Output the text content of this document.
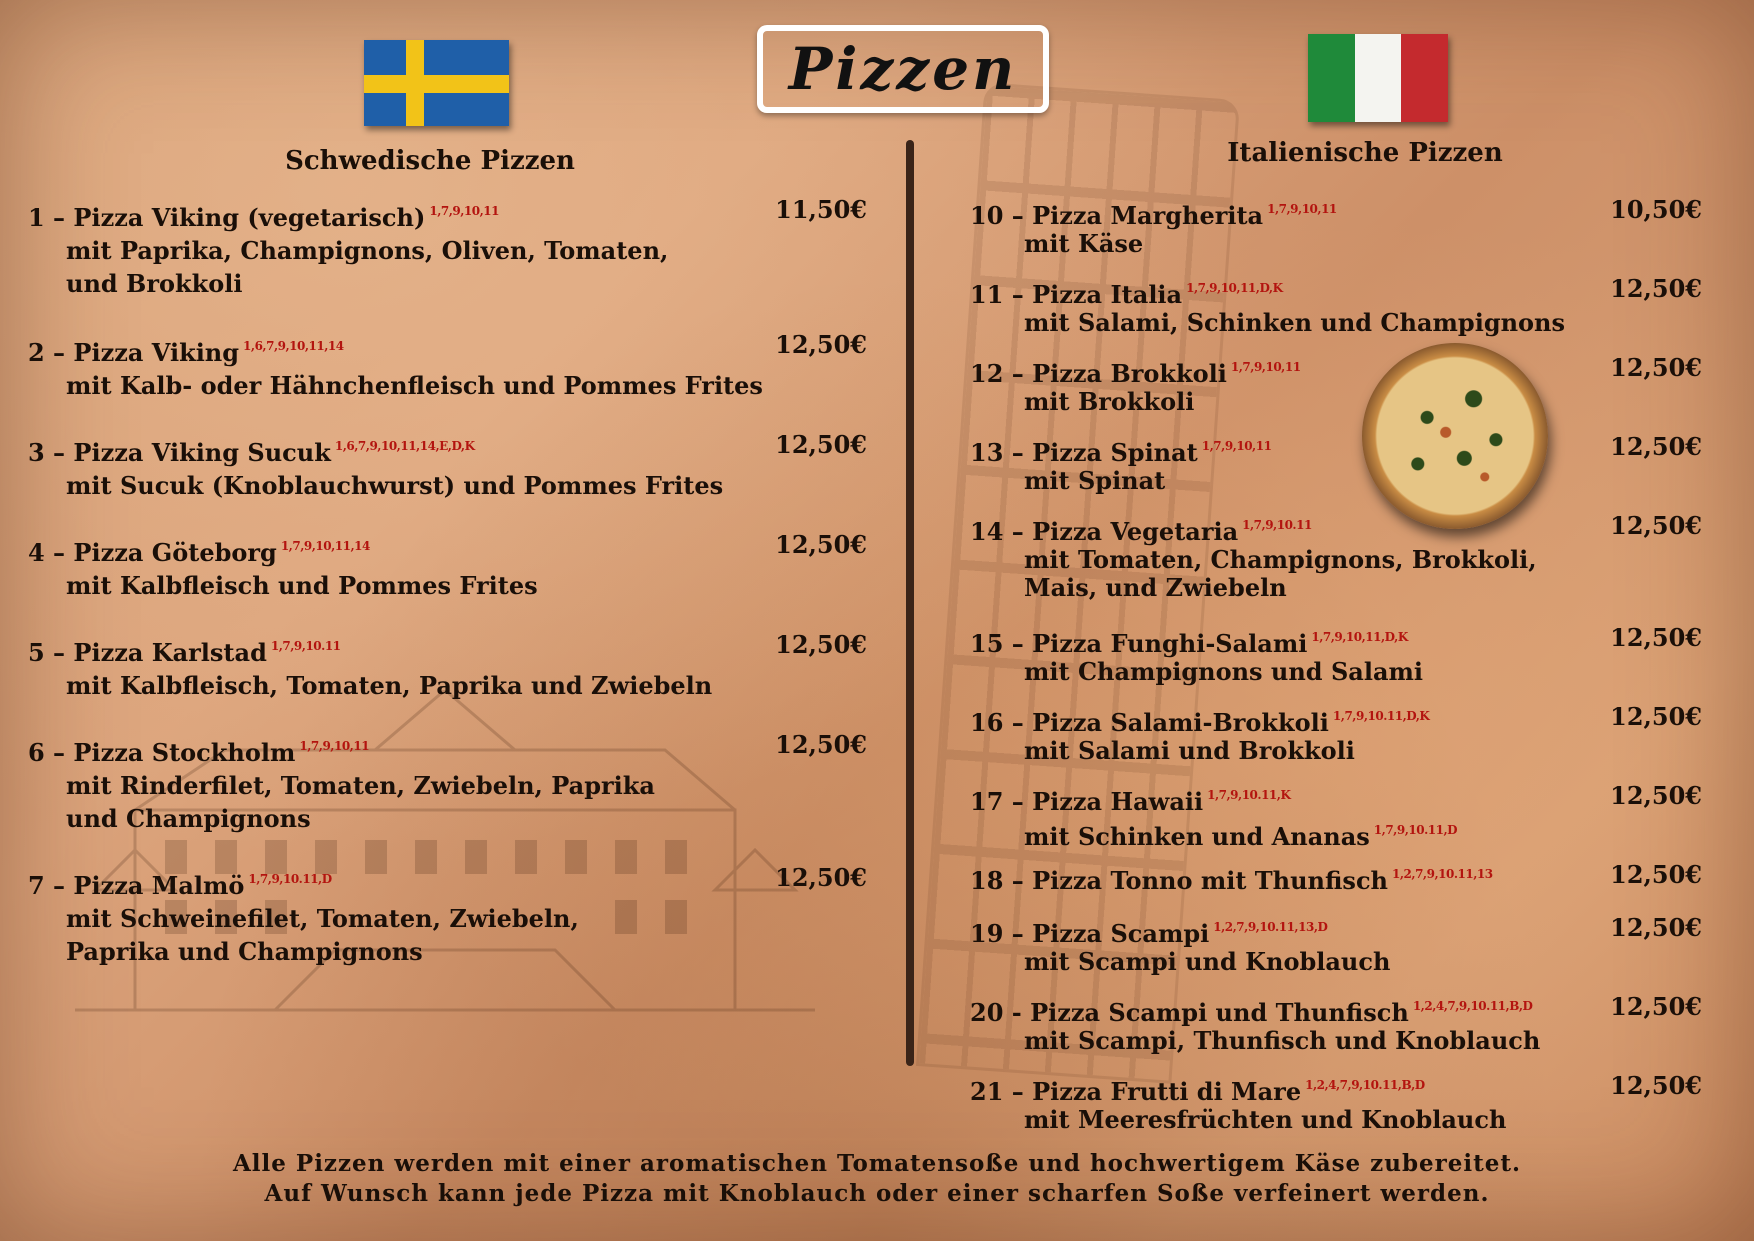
Pizzen
Schwedische Pizzen	Italienische Pizzen
1 – Pizza Viking (vegetarisch) $^{1,7,9,10,11}$
mit Paprika, Champignons, Oliven, Tomaten,
und Brokkoli
11,50€
2 – Pizza Viking $^{1,6,7,9,10,11,14}$
mit Kalb- oder Hähnchenfleisch und Pommes Frites
12,50€
3 – Pizza Viking Sucuk $^{1,6,7,9,10,11,14,E,D,K}$
mit Sucuk (Knoblauchwurst) und Pommes Frites
12,50€
4 – Pizza Göteborg $^{1,7,9,10,11,14}$
mit Kalbfleisch und Pommes Frites
12,50€
5 – Pizza Karlstad $^{1,7,9,10.11}$
mit Kalbfleisch, Tomaten, Paprika und Zwiebeln
12,50€
6 – Pizza Stockholm $^{1,7,9,10,11}$
mit Rinderfilet, Tomaten, Zwiebeln, Paprika
und Champignons
12,50€
7 – Pizza Malmö $^{1,7,9,10.11,D}$
mit Schweinefilet, Tomaten, Zwiebeln,
Paprika und Champignons
12,50€
10 – Pizza Margherita $^{1,7,9,10,11}$
mit Käse
10,50€
11 – Pizza Italia $^{1,7,9,10,11,D,K}$
mit Salami, Schinken und Champignons
12,50€
12 – Pizza Brokkoli $^{1,7,9,10,11}$
mit Brokkoli
12,50€
13 – Pizza Spinat $^{1,7,9,10,11}$
mit Spinat
12,50€
14 – Pizza Vegetaria $^{1,7,9,10.11}$
mit Tomaten, Champignons, Brokkoli,
Mais, und Zwiebeln
12,50€
15 – Pizza Funghi-Salami $^{1,7,9,10,11,D,K}$
mit Champignons und Salami
12,50€
16 – Pizza Salami-Brokkoli $^{1,7,9,10.11,D,K}$
mit Salami und Brokkoli
12,50€
17 – Pizza Hawaii $^{1,7,9,10.11,K}$
mit Schinken und Ananas $^{1,7,9,10.11,D}$
12,50€
18 – Pizza Tonno mit Thunfisch $^{1,2,7,9,10.11,13}$	12,50€
19 – Pizza Scampi $^{1,2,7,9,10.11,13,D}$
mit Scampi und Knoblauch
12,50€
20 - Pizza Scampi und Thunfisch $^{1,2,4,7,9,10.11,B,D}$
mit Scampi, Thunfisch und Knoblauch
12,50€
21 – Pizza Frutti di Mare $^{1,2,4,7,9,10.11,B,D}$
mit Meeresfrüchten und Knoblauch
12,50€
Alle Pizzen werden mit einer aromatischen Tomatensoße und hochwertigem Käse zubereitet.
Auf Wunsch kann jede Pizza mit Knoblauch oder einer scharfen Soße verfeinert werden.
